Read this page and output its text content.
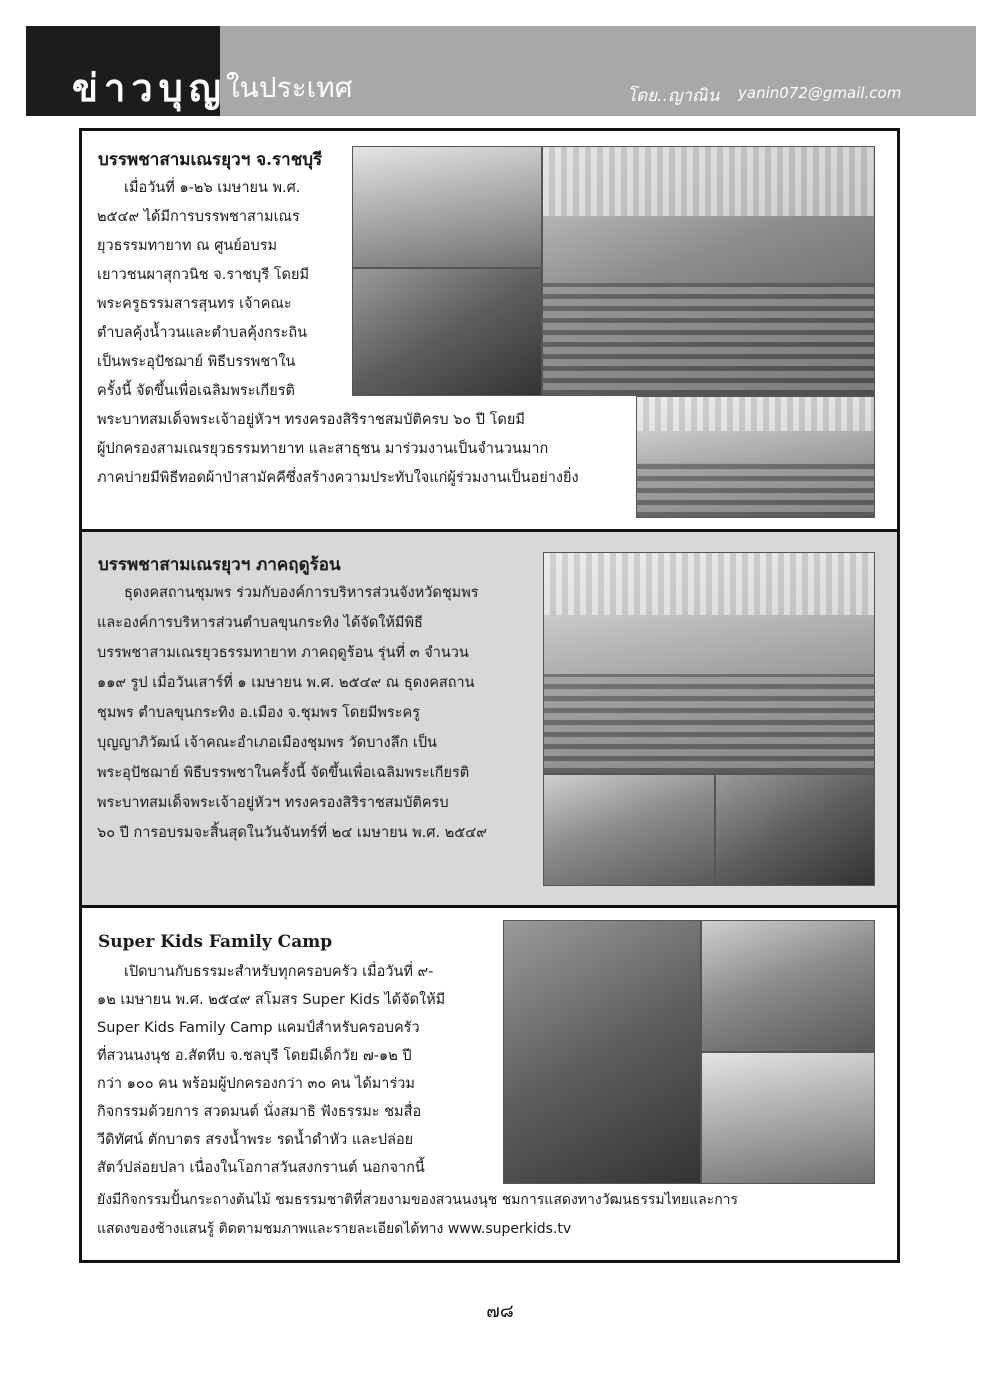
ข่าวบุญ
ในประเทศ	โดย..ญาณิน yanin072@gmail.com
บรรพชาสามเณรยุวฯ จ.ราชบุรี
เมื่อวันที่ ๑-๒๖ เมษายน พ.ศ.
๒๕๔๙ ได้มีการบรรพชาสามเณร
ยุวธรรมทายาท ณ ศูนย์อบรม
เยาวชนผาสุกวนิช จ.ราชบุรี โดยมี
พระครูธรรมสารสุนทร เจ้าคณะ
ตำบลคุ้งน้ำวนและตำบลคุ้งกระถิน
เป็นพระอุปัชฌาย์ พิธีบรรพชาใน
ครั้งนี้ จัดขึ้นเพื่อเฉลิมพระเกียรติ
พระบาทสมเด็จพระเจ้าอยู่หัวฯ ทรงครองสิริราชสมบัติครบ ๖๐ ปี โดยมี
ผู้ปกครองสามเณรยุวธรรมทายาท และสาธุชน มาร่วมงานเป็นจำนวนมาก
ภาคบ่ายมีพิธีทอดผ้าป่าสามัคคีซึ่งสร้างความประทับใจแก่ผู้ร่วมงานเป็นอย่างยิ่ง
บรรพชาสามเณรยุวฯ ภาคฤดูร้อน
ธุดงคสถานชุมพร ร่วมกับองค์การบริหารส่วนจังหวัดชุมพร
และองค์การบริหารส่วนตำบลขุนกระทิง ได้จัดให้มีพิธี
บรรพชาสามเณรยุวธรรมทายาท ภาคฤดูร้อน รุ่นที่ ๓ จำนวน
๑๑๙ รูป เมื่อวันเสาร์ที่ ๑ เมษายน พ.ศ. ๒๕๔๙ ณ ธุดงคสถาน
ชุมพร ตำบลขุนกระทิง อ.เมือง จ.ชุมพร โดยมีพระครู
บุญญาภิวัฒน์ เจ้าคณะอำเภอเมืองชุมพร วัดบางลึก เป็น
พระอุปัชฌาย์ พิธีบรรพชาในครั้งนี้ จัดขึ้นเพื่อเฉลิมพระเกียรติ
พระบาทสมเด็จพระเจ้าอยู่หัวฯ ทรงครองสิริราชสมบัติครบ
๖๐ ปี การอบรมจะสิ้นสุดในวันจันทร์ที่ ๒๔ เมษายน พ.ศ. ๒๕๔๙
Super Kids Family Camp
เปิดบานกับธรรมะสำหรับทุกครอบครัว เมื่อวันที่ ๙-
๑๒ เมษายน พ.ศ. ๒๕๔๙ สโมสร Super Kids ได้จัดให้มี
Super Kids Family Camp แคมป์สำหรับครอบครัว
ที่สวนนงนุช อ.สัตหีบ จ.ชลบุรี โดยมีเด็กวัย ๗-๑๒ ปี
กว่า ๑๐๐ คน พร้อมผู้ปกครองกว่า ๓๐ คน ได้มาร่วม
กิจกรรมด้วยการ สวดมนต์ นั่งสมาธิ ฟังธรรมะ ชมสื่อ
วีดิทัศน์ ตักบาตร สรงน้ำพระ รดน้ำดำหัว และปล่อย
สัตว์ปล่อยปลา เนื่องในโอกาสวันสงกรานต์ นอกจากนี้
ยังมีกิจกรรมปั้นกระถางต้นไม้ ชมธรรมชาติที่สวยงามของสวนนงนุช ชมการแสดงทางวัฒนธรรมไทยและการ
แสดงของช้างแสนรู้ ติดตามชมภาพและรายละเอียดได้ทาง www.superkids.tv
๗๘
